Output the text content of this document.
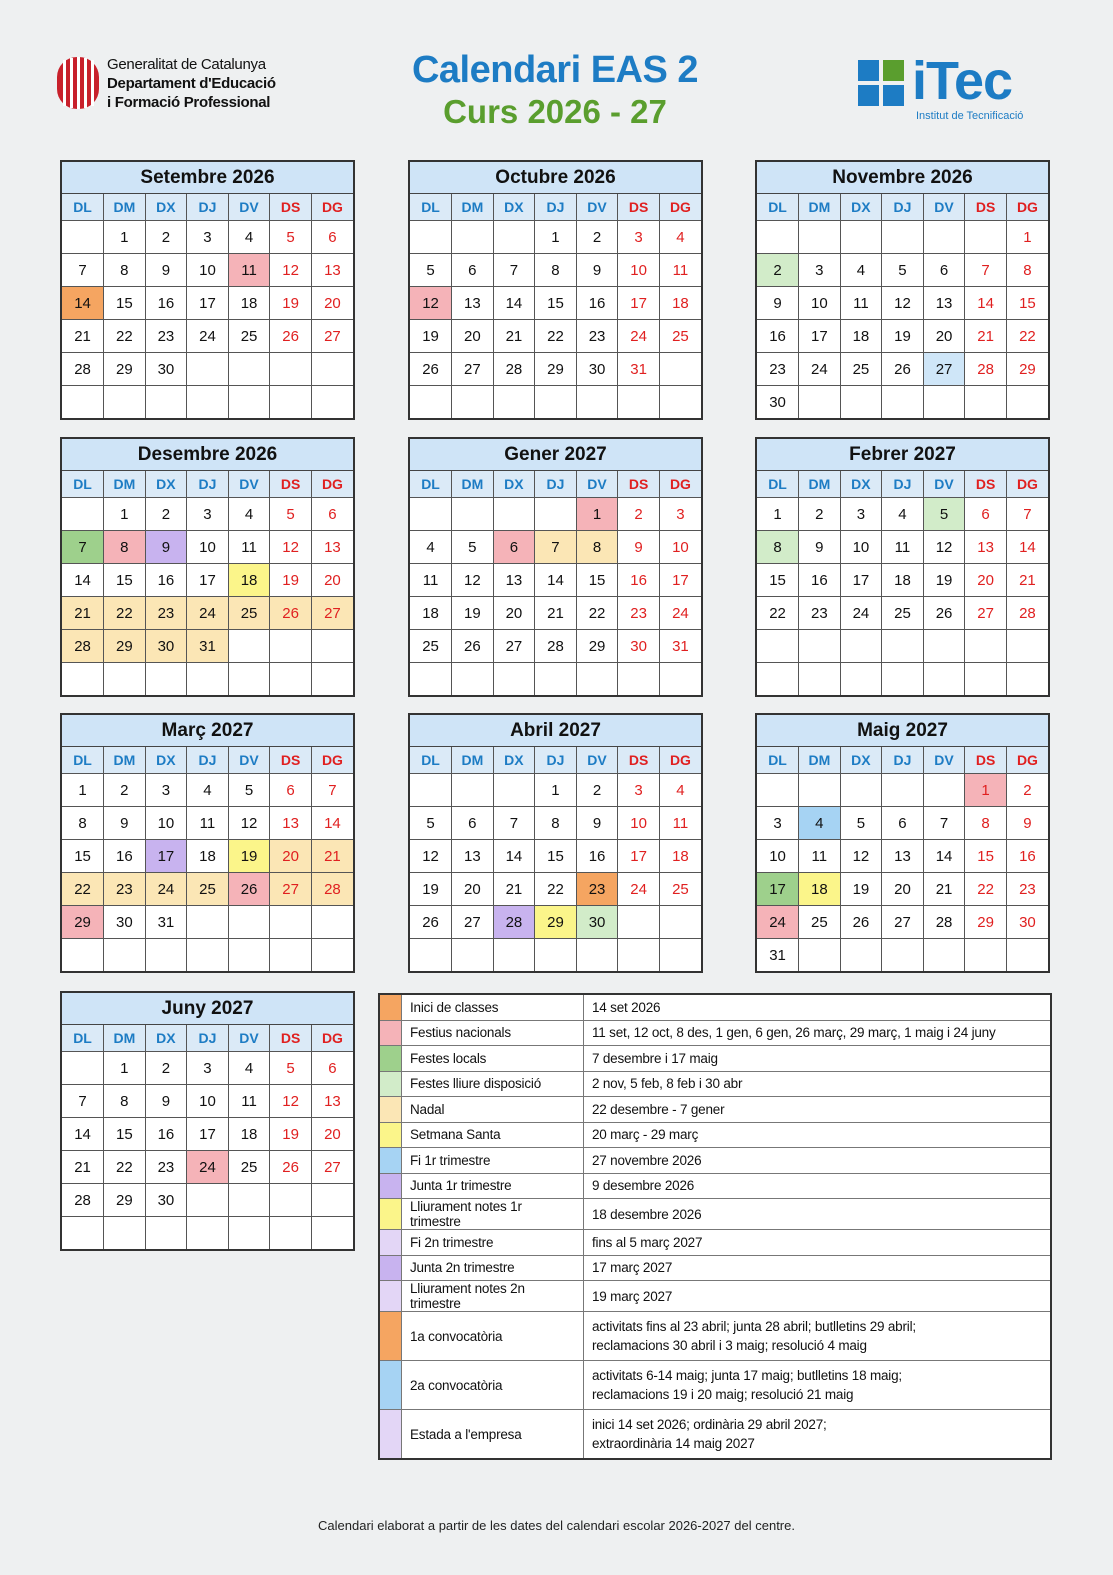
Generalitat de Catalunya
Departament d'Educació
i Formació Professional
Calendari EAS 2
Curs 2026 - 27
iTec
Institut de Tecnificació
Setembre 2026
DL	DM	DX	DJ	DV	DS	DG
	1	2	3	4	5	6
7	8	9	10	11	12	13
14	15	16	17	18	19	20
21	22	23	24	25	26	27
28	29	30				

Octubre 2026
DL	DM	DX	DJ	DV	DS	DG
			1	2	3	4
5	6	7	8	9	10	11
12	13	14	15	16	17	18
19	20	21	22	23	24	25
26	27	28	29	30	31	

Novembre 2026
DL	DM	DX	DJ	DV	DS	DG
						1
2	3	4	5	6	7	8
9	10	11	12	13	14	15
16	17	18	19	20	21	22
23	24	25	26	27	28	29
30						
Desembre 2026
DL	DM	DX	DJ	DV	DS	DG
	1	2	3	4	5	6
7	8	9	10	11	12	13
14	15	16	17	18	19	20
21	22	23	24	25	26	27
28	29	30	31			

Gener 2027
DL	DM	DX	DJ	DV	DS	DG
				1	2	3
4	5	6	7	8	9	10
11	12	13	14	15	16	17
18	19	20	21	22	23	24
25	26	27	28	29	30	31

Febrer 2027
DL	DM	DX	DJ	DV	DS	DG
1	2	3	4	5	6	7
8	9	10	11	12	13	14
15	16	17	18	19	20	21
22	23	24	25	26	27	28

Març 2027
DL	DM	DX	DJ	DV	DS	DG
1	2	3	4	5	6	7
8	9	10	11	12	13	14
15	16	17	18	19	20	21
22	23	24	25	26	27	28
29	30	31				

Abril 2027
DL	DM	DX	DJ	DV	DS	DG
			1	2	3	4
5	6	7	8	9	10	11
12	13	14	15	16	17	18
19	20	21	22	23	24	25
26	27	28	29	30		

Maig 2027
DL	DM	DX	DJ	DV	DS	DG
					1	2
3	4	5	6	7	8	9
10	11	12	13	14	15	16
17	18	19	20	21	22	23
24	25	26	27	28	29	30
31						
Juny 2027
DL	DM	DX	DJ	DV	DS	DG
	1	2	3	4	5	6
7	8	9	10	11	12	13
14	15	16	17	18	19	20
21	22	23	24	25	26	27
28	29	30				

	Inici de classes	14 set 2026
	Festius nacionals	11 set, 12 oct, 8 des, 1 gen, 6 gen, 26 març, 29 març, 1 maig i 24 juny
	Festes locals	7 desembre i 17 maig
	Festes lliure disposició	2 nov, 5 feb, 8 feb i 30 abr
	Nadal	22 desembre - 7 gener
	Setmana Santa	20 març - 29 març
	Fi 1r trimestre	27 novembre 2026
	Junta 1r trimestre	9 desembre 2026
	Lliurament notes 1r trimestre	18 desembre 2026
	Fi 2n trimestre	fins al 5 març 2027
	Junta 2n trimestre	17 març 2027
	Lliurament notes 2n trimestre	19 març 2027
	1a convocatòria	activitats fins al 23 abril; junta 28 abril; butlletins 29 abril;
reclamacions 30 abril i 3 maig; resolució 4 maig
	2a convocatòria	activitats 6-14 maig; junta 17 maig; butlletins 18 maig;
reclamacions 19 i 20 maig; resolució 21 maig
	Estada a l'empresa	inici 14 set 2026; ordinària 29 abril 2027;
extraordinària 14 maig 2027
Calendari elaborat a partir de les dates del calendari escolar 2026-2027 del centre.
